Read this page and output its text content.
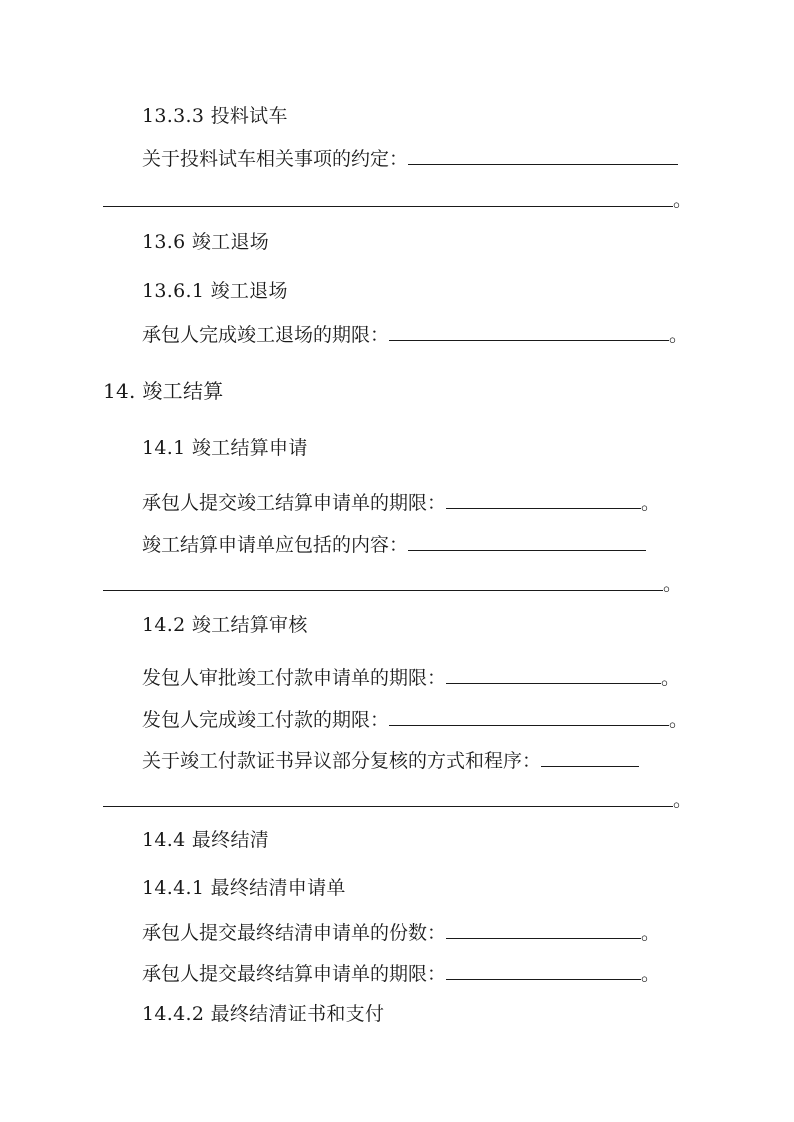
13.3.3 投料试车
关于投料试车相关事项的约定：
。
13.6 竣工退场
13.6.1 竣工退场
承包人完成竣工退场的期限：	。
14. 竣工结算
14.1 竣工结算申请
承包人提交竣工结算申请单的期限：	。
竣工结算申请单应包括的内容：
。
14.2 竣工结算审核
发包人审批竣工付款申请单的期限：	。
发包人完成竣工付款的期限：	。
关于竣工付款证书异议部分复核的方式和程序：
。
14.4 最终结清
14.4.1 最终结清申请单
承包人提交最终结清申请单的份数：	。
承包人提交最终结算申请单的期限：	。
14.4.2 最终结清证书和支付
